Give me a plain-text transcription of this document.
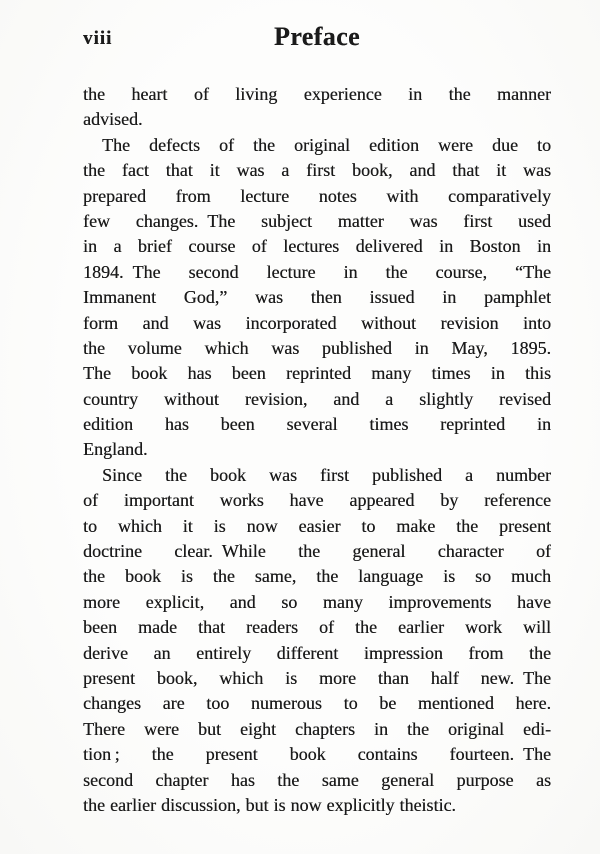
viii	Preface
the heart of living experience in the manner
advised.
The defects of the original edition were due to
the fact that it was a first book, and that it was
prepared from lecture notes with comparatively
few changes. The subject matter was first used
in a brief course of lectures delivered in Boston in
1894. The second lecture in the course, “The
Immanent God,” was then issued in pamphlet
form and was incorporated without revision into
the volume which was published in May, 1895.
The book has been reprinted many times in this
country without revision, and a slightly revised
edition has been several times reprinted in
England.
Since the book was first published a number
of important works have appeared by reference
to which it is now easier to make the present
doctrine clear. While the general character of
the book is the same, the language is so much
more explicit, and so many improvements have
been made that readers of the earlier work will
derive an entirely different impression from the
present book, which is more than half new. The
changes are too numerous to be mentioned here.
There were but eight chapters in the original edi-
tion ; the present book contains fourteen. The
second chapter has the same general purpose as
the earlier discussion, but is now explicitly theistic.
